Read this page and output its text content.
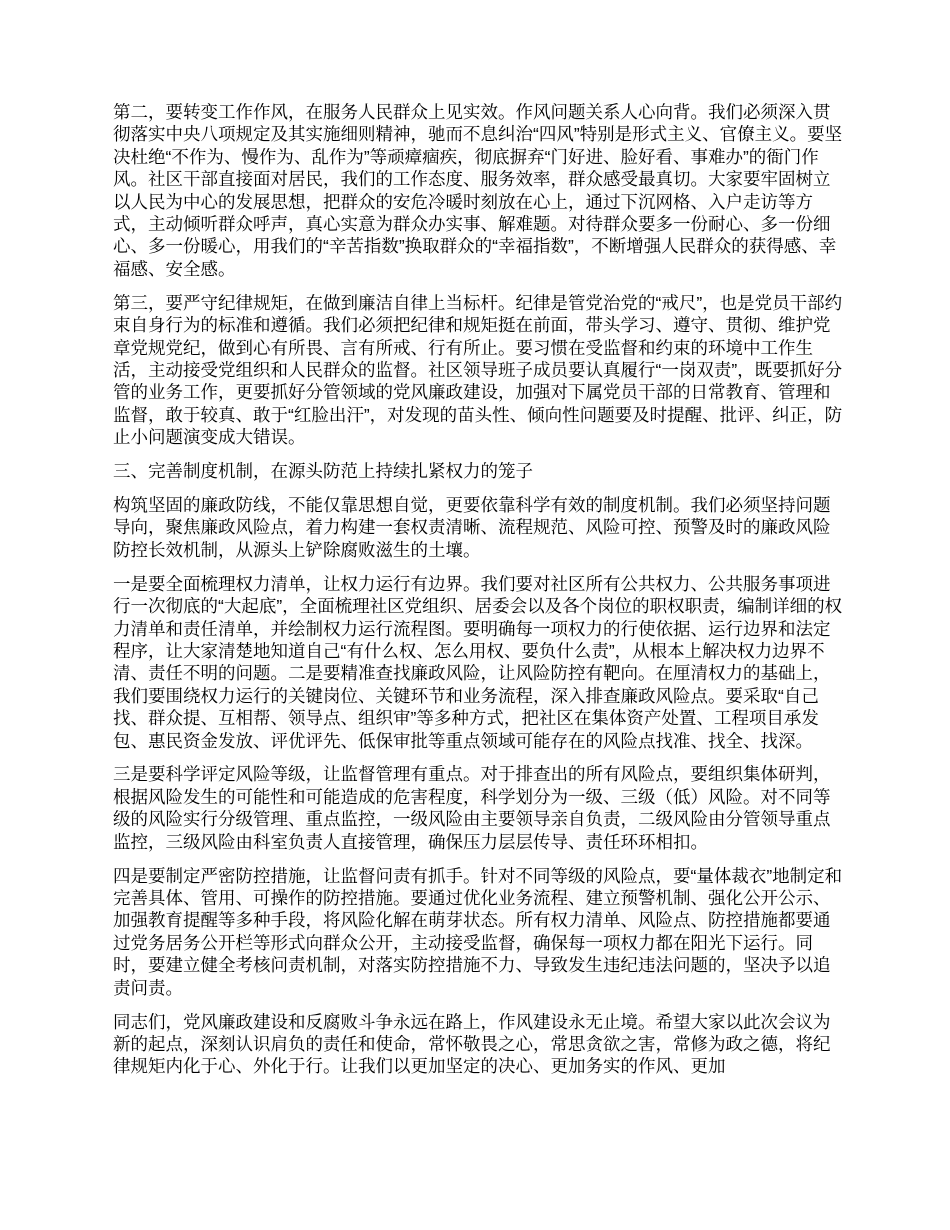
第二，要转变工作作风，在服务人民群众上见实效。作风问题关系人心向背。我们必须深入贯彻落实中央八项规定及其实施细则精神，驰而不息纠治“四风”特别是形式主义、官僚主义。要坚决杜绝“不作为、慢作为、乱作为”等顽瘴痼疾，彻底摒弃“门好进、脸好看、事难办”的衙门作风。社区干部直接面对居民，我们的工作态度、服务效率，群众感受最真切。大家要牢固树立以人民为中心的发展思想，把群众的安危冷暖时刻放在心上，通过下沉网格、入户走访等方式，主动倾听群众呼声，真心实意为群众办实事、解难题。对待群众要多一份耐心、多一份细心、多一份暖心，用我们的“辛苦指数”换取群众的“幸福指数”，不断增强人民群众的获得感、幸福感、安全感。

第三，要严守纪律规矩，在做到廉洁自律上当标杆。纪律是管党治党的“戒尺”，也是党员干部约束自身行为的标准和遵循。我们必须把纪律和规矩挺在前面，带头学习、遵守、贯彻、维护党章党规党纪，做到心有所畏、言有所戒、行有所止。要习惯在受监督和约束的环境中工作生活，主动接受党组织和人民群众的监督。社区领导班子成员要认真履行“一岗双责”，既要抓好分管的业务工作，更要抓好分管领域的党风廉政建设，加强对下属党员干部的日常教育、管理和监督，敢于较真、敢于“红脸出汗”，对发现的苗头性、倾向性问题要及时提醒、批评、纠正，防止小问题演变成大错误。

三、完善制度机制，在源头防范上持续扎紧权力的笼子

构筑坚固的廉政防线，不能仅靠思想自觉，更要依靠科学有效的制度机制。我们必须坚持问题导向，聚焦廉政风险点，着力构建一套权责清晰、流程规范、风险可控、预警及时的廉政风险防控长效机制，从源头上铲除腐败滋生的土壤。

一是要全面梳理权力清单，让权力运行有边界。我们要对社区所有公共权力、公共服务事项进行一次彻底的“大起底”，全面梳理社区党组织、居委会以及各个岗位的职权职责，编制详细的权力清单和责任清单，并绘制权力运行流程图。要明确每一项权力的行使依据、运行边界和法定程序，让大家清楚地知道自己“有什么权、怎么用权、要负什么责”，从根本上解决权力边界不清、责任不明的问题。二是要精准查找廉政风险，让风险防控有靶向。在厘清权力的基础上，我们要围绕权力运行的关键岗位、关键环节和业务流程，深入排查廉政风险点。要采取“自己找、群众提、互相帮、领导点、组织审”等多种方式，把社区在集体资产处置、工程项目承发包、惠民资金发放、评优评先、低保审批等重点领域可能存在的风险点找准、找全、找深。

三是要科学评定风险等级，让监督管理有重点。对于排查出的所有风险点，要组织集体研判，根据风险发生的可能性和可能造成的危害程度，科学划分为一级、三级（低）风险。对不同等级的风险实行分级管理、重点监控，一级风险由主要领导亲自负责，二级风险由分管领导重点监控，三级风险由科室负责人直接管理，确保压力层层传导、责任环环相扣。

四是要制定严密防控措施，让监督问责有抓手。针对不同等级的风险点，要“量体裁衣”地制定和完善具体、管用、可操作的防控措施。要通过优化业务流程、建立预警机制、强化公开公示、加强教育提醒等多种手段，将风险化解在萌芽状态。所有权力清单、风险点、防控措施都要通过党务居务公开栏等形式向群众公开，主动接受监督，确保每一项权力都在阳光下运行。同时，要建立健全考核问责机制，对落实防控措施不力、导致发生违纪违法问题的，坚决予以追责问责。

同志们，党风廉政建设和反腐败斗争永远在路上，作风建设永无止境。希望大家以此次会议为新的起点，深刻认识肩负的责任和使命，常怀敬畏之心，常思贪欲之害，常修为政之德，将纪律规矩内化于心、外化于行。让我们以更加坚定的决心、更加务实的作风、更加
